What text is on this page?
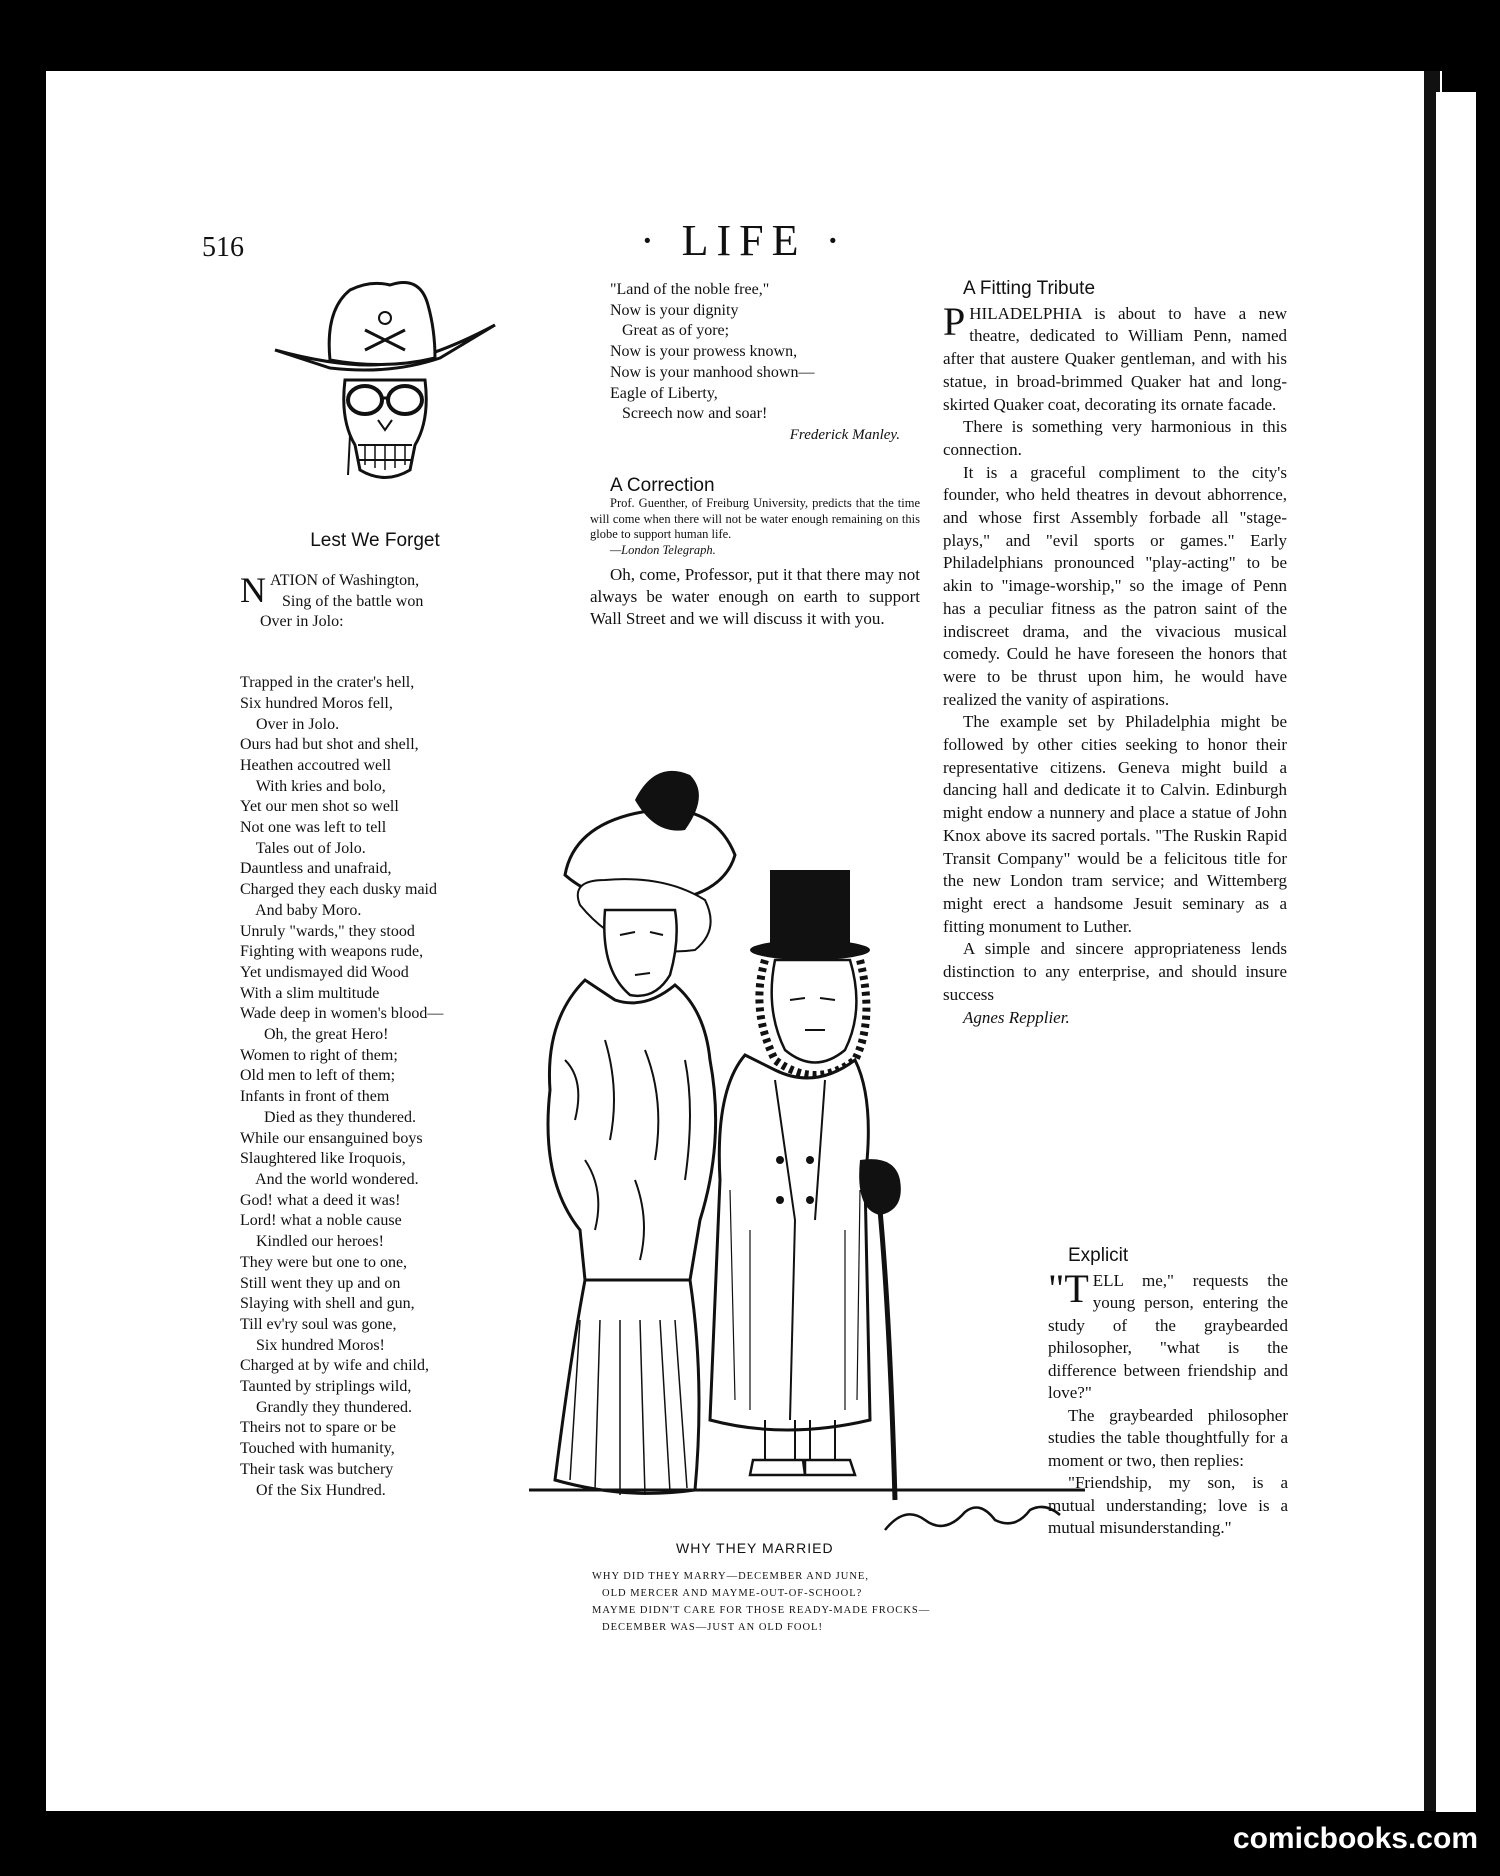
516	· LIFE ·

Lest We Forget

N ATION of Washington,
Sing of the battle won
Over in Jolo:

Trapped in the crater's hell,
Six hundred Moros fell,
Over in Jolo.
Ours had but shot and shell,
Heathen accoutred well
With kries and bolo,
Yet our men shot so well
Not one was left to tell
Tales out of Jolo.

Dauntless and unafraid,
Charged they each dusky maid
And baby Moro.
Unruly "wards," they stood
Fighting with weapons rude,
Yet undismayed did Wood
With a slim multitude
Wade deep in women's blood—
Oh, the great Hero!

Women to right of them;
Old men to left of them;
Infants in front of them
Died as they thundered.
While our ensanguined boys
Slaughtered like Iroquois,
And the world wondered.

God! what a deed it was!
Lord! what a noble cause
Kindled our heroes!
They were but one to one,
Still went they up and on
Slaying with shell and gun,
Till ev'ry soul was gone,
Six hundred Moros!

Charged at by wife and child,
Taunted by striplings wild,
Grandly they thundered.
Theirs not to spare or be
Touched with humanity,
Their task was butchery
Of the Six Hundred.

"Land of the noble free,"
Now is your dignity
Great as of yore;
Now is your prowess known,
Now is your manhood shown—
Eagle of Liberty,
Screech now and soar!

Frederick Manley.

A Correction

Prof. Guenther, of Freiburg University, predicts that the time will come when there will not be water enough remaining on this globe to support human life.

—London Telegraph.

Oh, come, Professor, put it that there may not always be water enough on earth to support Wall Street and we will discuss it with you.

WHY THEY MARRIED

WHY DID THEY MARRY—DECEMBER AND JUNE,

OLD MERCER AND MAYME-OUT-OF-SCHOOL?

MAYME DIDN'T CARE FOR THOSE READY-MADE FROCKS—

DECEMBER WAS—JUST AN OLD FOOL!

A Fitting Tribute

PHILADELPHIA is about to have a new theatre, dedicated to William Penn, named after that austere Quaker gentleman, and with his statue, in broad-brimmed Quaker hat and long-skirted Quaker coat, decorating its ornate facade.

There is something very harmonious in this connection.

It is a graceful compliment to the city's founder, who held theatres in devout abhorrence, and whose first Assembly forbade all "stage-plays," and "evil sports or games." Early Philadelphians pronounced "play-acting" to be akin to "image-worship," so the image of Penn has a peculiar fitness as the patron saint of the indiscreet drama, and the vivacious musical comedy. Could he have foreseen the honors that were to be thrust upon him, he would have realized the vanity of aspirations.

The example set by Philadelphia might be followed by other cities seeking to honor their representative citizens. Geneva might build a dancing hall and dedicate it to Calvin. Edinburgh might endow a nunnery and place a statue of John Knox above its sacred portals. "The Ruskin Rapid Transit Company" would be a felicitous title for the new London tram service; and Wittemberg might erect a handsome Jesuit seminary as a fitting monument to Luther.

A simple and sincere appropriateness lends distinction to any enterprise, and should insure success

Agnes Repplier.

Explicit

"TELL me," requests the young person, entering the study of the graybearded philosopher, "what is the difference between friendship and love?"

The graybearded philosopher studies the table thoughtfully for a moment or two, then replies:

"Friendship, my son, is a mutual understanding; love is a mutual misunderstanding."

comicbooks.com
